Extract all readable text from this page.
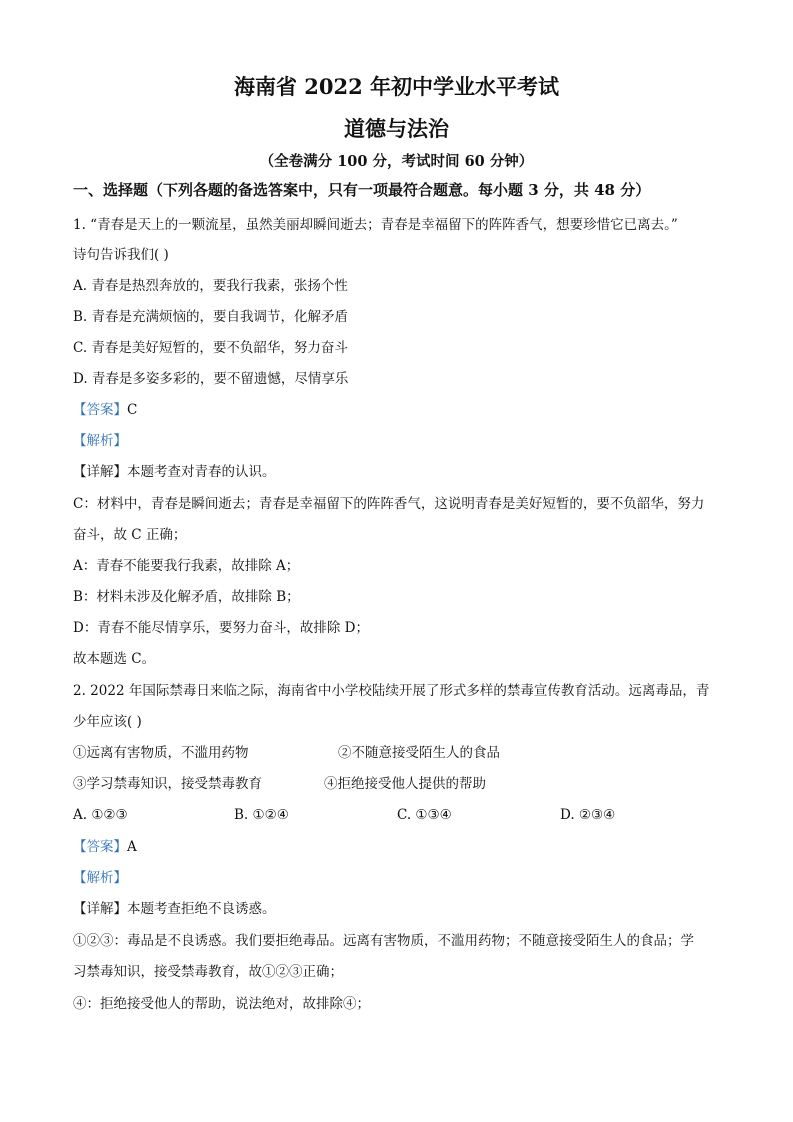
海南省 2022 年初中学业水平考试
道德与法治
（全卷满分 100 分，考试时间 60 分钟）
一、选择题（下列各题的备选答案中，只有一项最符合题意。每小题 3 分，共 48 分）
1. “青春是天上的一颗流星，虽然美丽却瞬间逝去；青春是幸福留下的阵阵香气，想要珍惜它已离去。”
诗句告诉我们( )
A. 青春是热烈奔放的，要我行我素，张扬个性
B. 青春是充满烦恼的，要自我调节，化解矛盾
C. 青春是美好短暂的，要不负韶华，努力奋斗
D. 青春是多姿多彩的，要不留遗憾，尽情享乐
【答案】C
【解析】
【详解】本题考查对青春的认识。
C：材料中，青春是瞬间逝去；青春是幸福留下的阵阵香气，这说明青春是美好短暂的，要不负韶华，努力
奋斗，故 C 正确；
A：青春不能要我行我素，故排除 A；
B：材料未涉及化解矛盾，故排除 B；
D：青春不能尽情享乐，要努力奋斗，故排除 D；
故本题选 C。
2. 2022 年国际禁毒日来临之际，海南省中小学校陆续开展了形式多样的禁毒宣传教育活动。远离毒品，青
少年应该( )
①远离有害物质，不滥用药物	②不随意接受陌生人的食品
③学习禁毒知识，接受禁毒教育	④拒绝接受他人提供的帮助
A. ①②③	B. ①②④	C. ①③④	D. ②③④
【答案】A
【解析】
【详解】本题考查拒绝不良诱惑。
①②③：毒品是不良诱惑。我们要拒绝毒品。远离有害物质，不滥用药物；不随意接受陌生人的食品；学
习禁毒知识，接受禁毒教育，故①②③正确；
④：拒绝接受他人的帮助，说法绝对，故排除④；
